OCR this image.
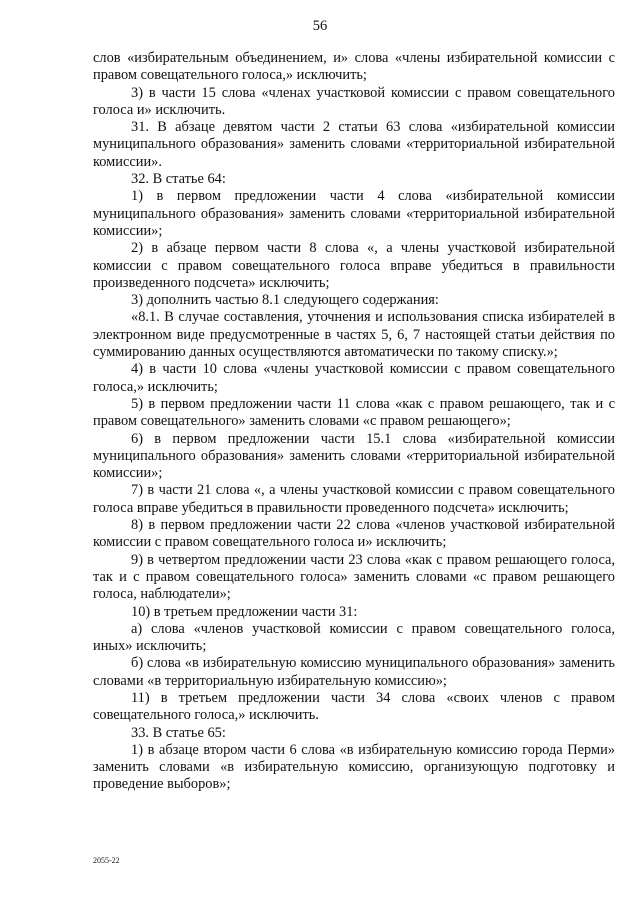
56

слов «избирательным объединением, и» слова «члены избирательной комиссии с правом совещательного голоса,» исключить;

3) в части 15 слова «членах участковой комиссии с правом совещательного голоса и» исключить.

31. В абзаце девятом части 2 статьи 63 слова «избирательной комиссии муниципального образования» заменить словами «территориальной избирательной комиссии».

32. В статье 64:

1) в первом предложении части 4 слова «избирательной комиссии муниципального образования» заменить словами «территориальной избирательной комиссии»;

2) в абзаце первом части 8 слова «, а члены участковой избирательной комиссии с правом совещательного голоса вправе убедиться в правильности произведенного подсчета» исключить;

3) дополнить частью 8.1 следующего содержания:

«8.1. В случае составления, уточнения и использования списка избирателей в электронном виде предусмотренные в частях 5, 6, 7 настоящей статьи действия по суммированию данных осуществляются автоматически по такому списку.»;

4) в части 10 слова «члены участковой комиссии с правом совещательного голоса,» исключить;

5) в первом предложении части 11 слова «как с правом решающего, так и с правом совещательного» заменить словами «с правом решающего»;

6) в первом предложении части 15.1 слова «избирательной комиссии муниципального образования» заменить словами «территориальной избирательной комиссии»;

7) в части 21 слова «, а члены участковой комиссии с правом совещательного голоса вправе убедиться в правильности проведенного подсчета» исключить;

8) в первом предложении части 22 слова «членов участковой избирательной комиссии с правом совещательного голоса и» исключить;

9) в четвертом предложении части 23 слова «как с правом решающего голоса, так и с правом совещательного голоса» заменить словами «с правом решающего голоса, наблюдатели»;

10) в третьем предложении части 31:

а) слова «членов участковой комиссии с правом совещательного голоса, иных» исключить;

б) слова «в избирательную комиссию муниципального образования» заменить словами «в территориальную избирательную комиссию»;

11) в третьем предложении части 34 слова «своих членов с правом совещательного голоса,» исключить.

33. В статье 65:

1) в абзаце втором части 6 слова «в избирательную комиссию города Перми» заменить словами «в избирательную комиссию, организующую подготовку и проведение выборов»;

2055-22
